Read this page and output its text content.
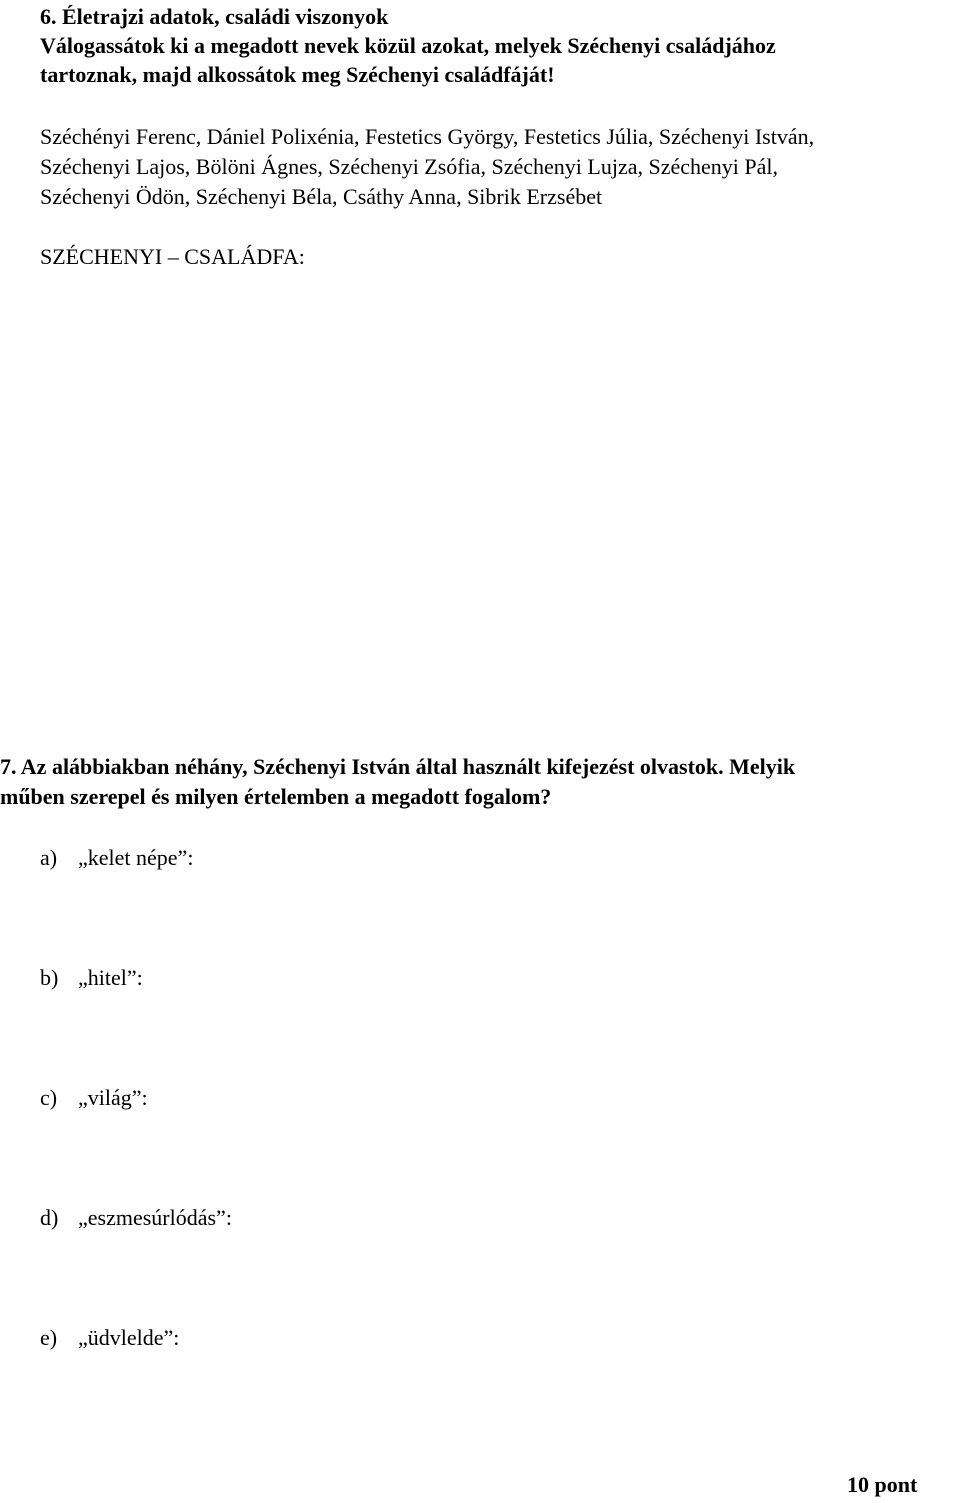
6. Életrajzi adatok, családi viszonyok

Válogassátok ki a megadott nevek közül azokat, melyek Széchenyi családjához

tartoznak, majd alkossátok meg Széchenyi családfáját!

Széchényi Ferenc, Dániel Polixénia, Festetics György, Festetics Júlia, Széchenyi István,

Széchenyi Lajos, Bölöni Ágnes, Széchenyi Zsófia, Széchenyi Lujza, Széchenyi Pál,

Széchenyi Ödön, Széchenyi Béla, Csáthy Anna, Sibrik Erzsébet

SZÉCHENYI – CSALÁDFA:

7. Az alábbiakban néhány, Széchenyi István által használt kifejezést olvastok. Melyik

műben szerepel és milyen értelemben a megadott fogalom?

a) „kelet népe”:

b) „hitel”:

c) „világ”:

d) „eszmesúrlódás”:

e) „üdvlelde”:

10 pont
